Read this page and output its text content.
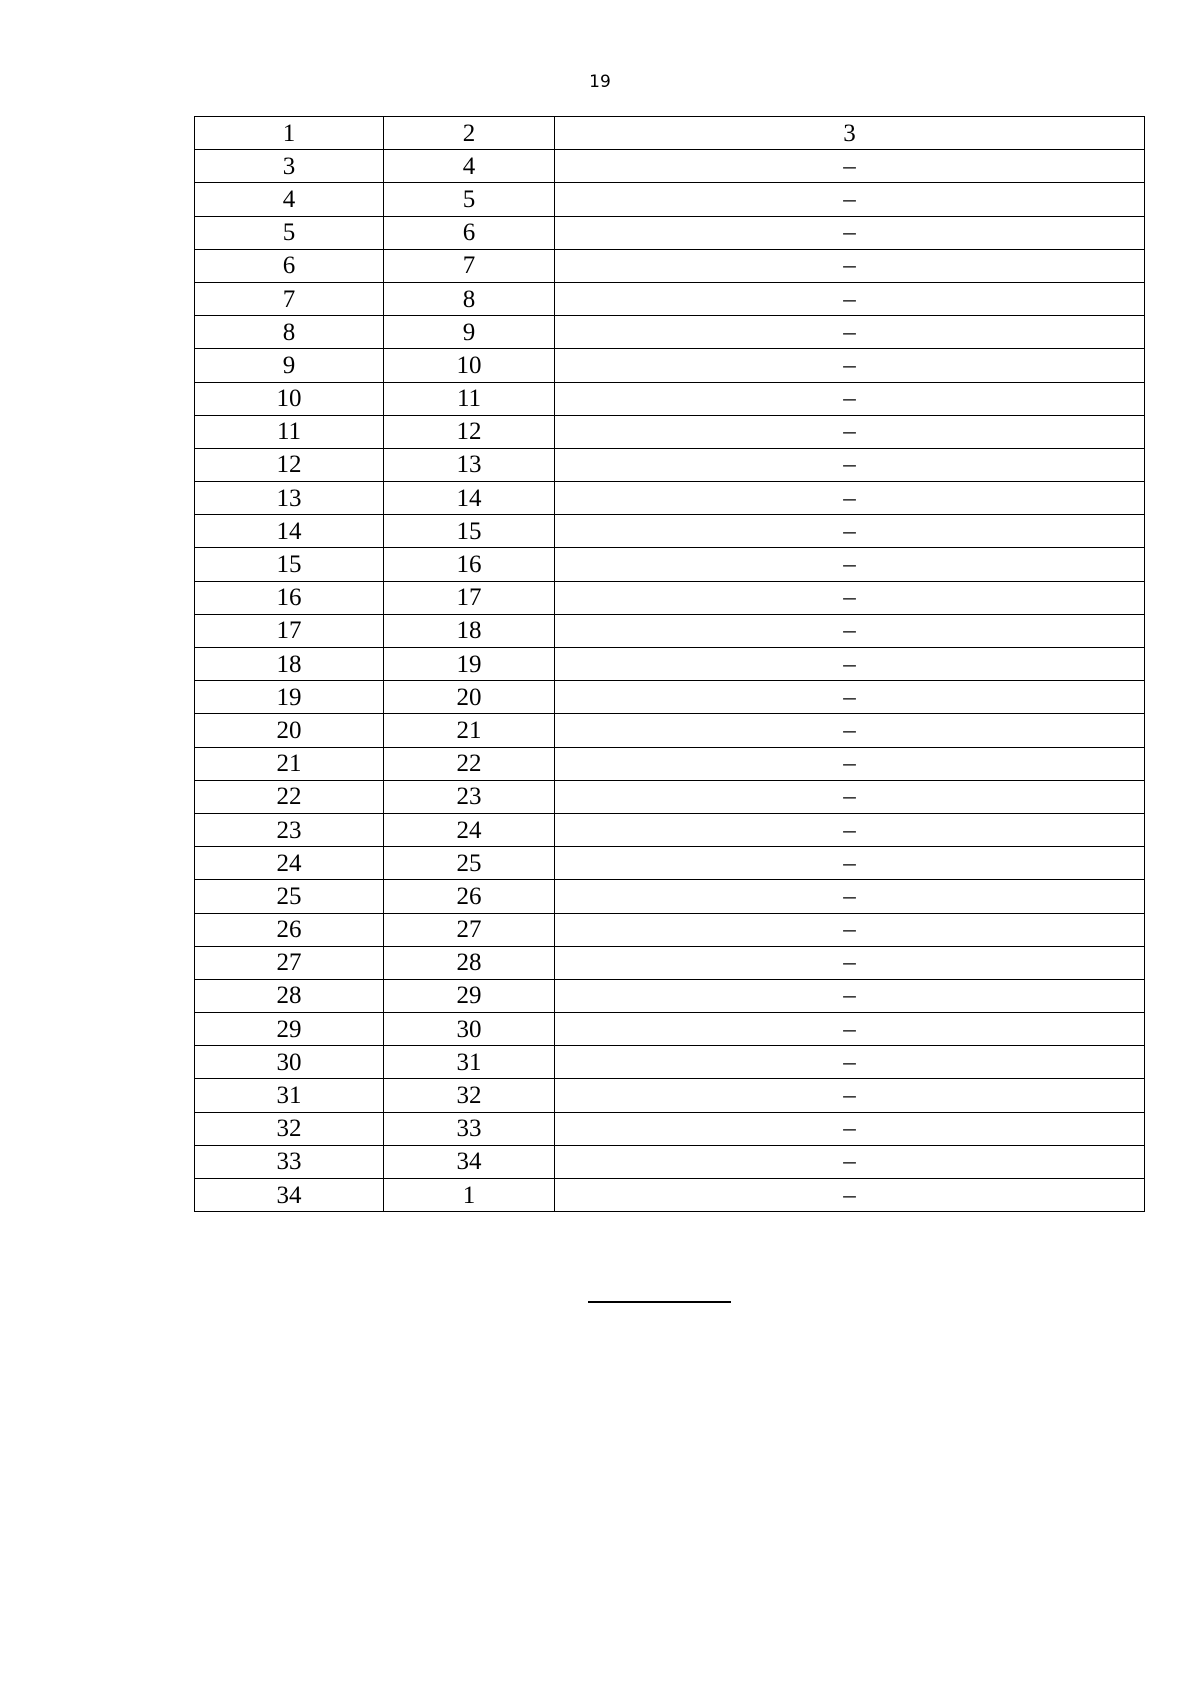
19
1	2	3
3	4	–
4	5	–
5	6	–
6	7	–
7	8	–
8	9	–
9	10	–
10	11	–
11	12	–
12	13	–
13	14	–
14	15	–
15	16	–
16	17	–
17	18	–
18	19	–
19	20	–
20	21	–
21	22	–
22	23	–
23	24	–
24	25	–
25	26	–
26	27	–
27	28	–
28	29	–
29	30	–
30	31	–
31	32	–
32	33	–
33	34	–
34	1	–
